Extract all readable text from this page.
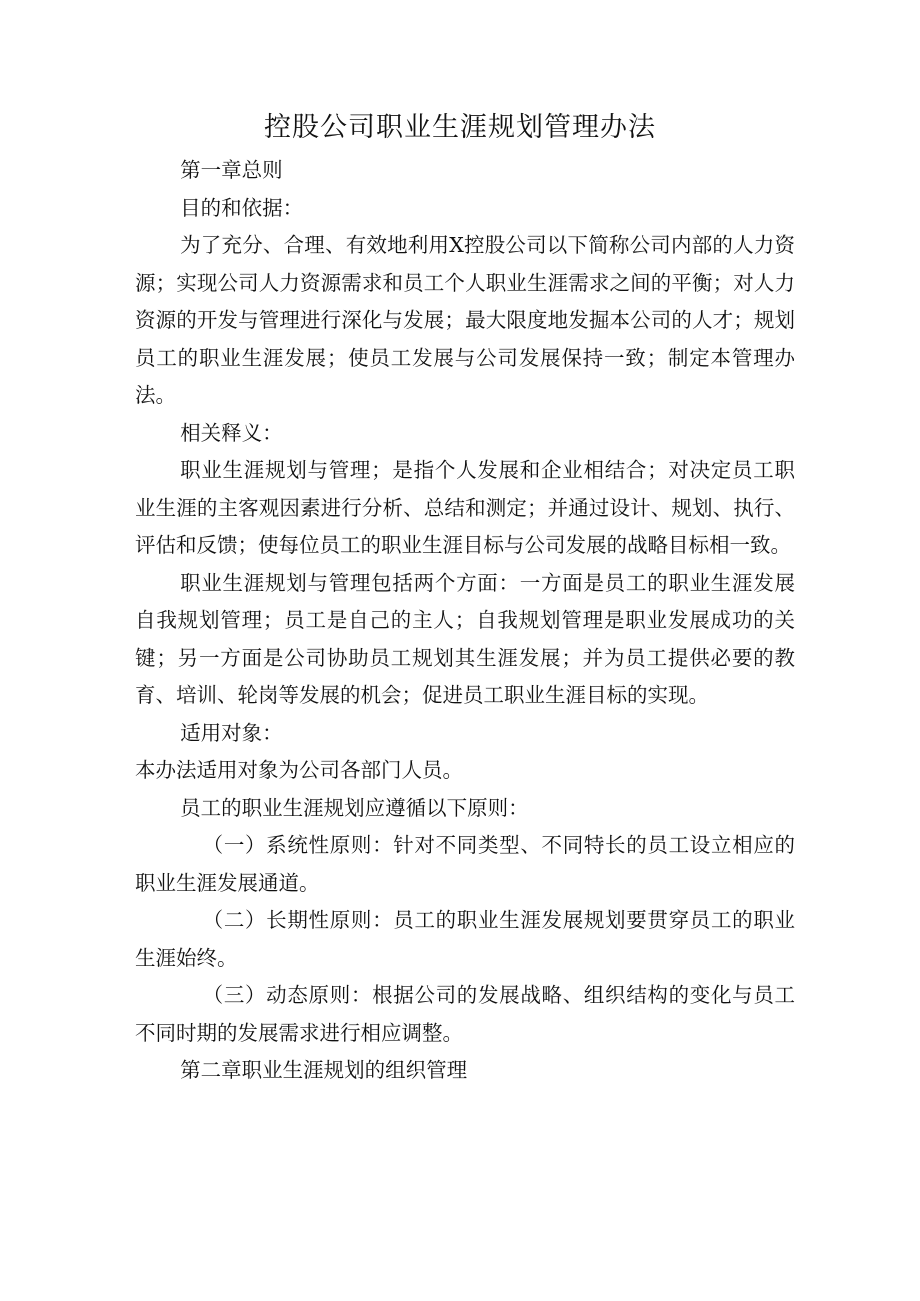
控股公司职业生涯规划管理办法

第一章总则

目的和依据：

为了充分、合理、有效地利用X控股公司以下简称公司内部的人力资源；实现公司人力资源需求和员工个人职业生涯需求之间的平衡；对人力资源的开发与管理进行深化与发展；最大限度地发掘本公司的人才；规划员工的职业生涯发展；使员工发展与公司发展保持一致；制定本管理办法。

相关释义：

职业生涯规划与管理；是指个人发展和企业相结合；对决定员工职业生涯的主客观因素进行分析、总结和测定；并通过设计、规划、执行、评估和反馈；使每位员工的职业生涯目标与公司发展的战略目标相一致。

职业生涯规划与管理包括两个方面：一方面是员工的职业生涯发展自我规划管理；员工是自己的主人；自我规划管理是职业发展成功的关键；另一方面是公司协助员工规划其生涯发展；并为员工提供必要的教育、培训、轮岗等发展的机会；促进员工职业生涯目标的实现。

适用对象：

本办法适用对象为公司各部门人员。

员工的职业生涯规划应遵循以下原则：

（一）系统性原则：针对不同类型、不同特长的员工设立相应的职业生涯发展通道。

（二）长期性原则：员工的职业生涯发展规划要贯穿员工的职业生涯始终。

（三）动态原则：根据公司的发展战略、组织结构的变化与员工不同时期的发展需求进行相应调整。

第二章职业生涯规划的组织管理
